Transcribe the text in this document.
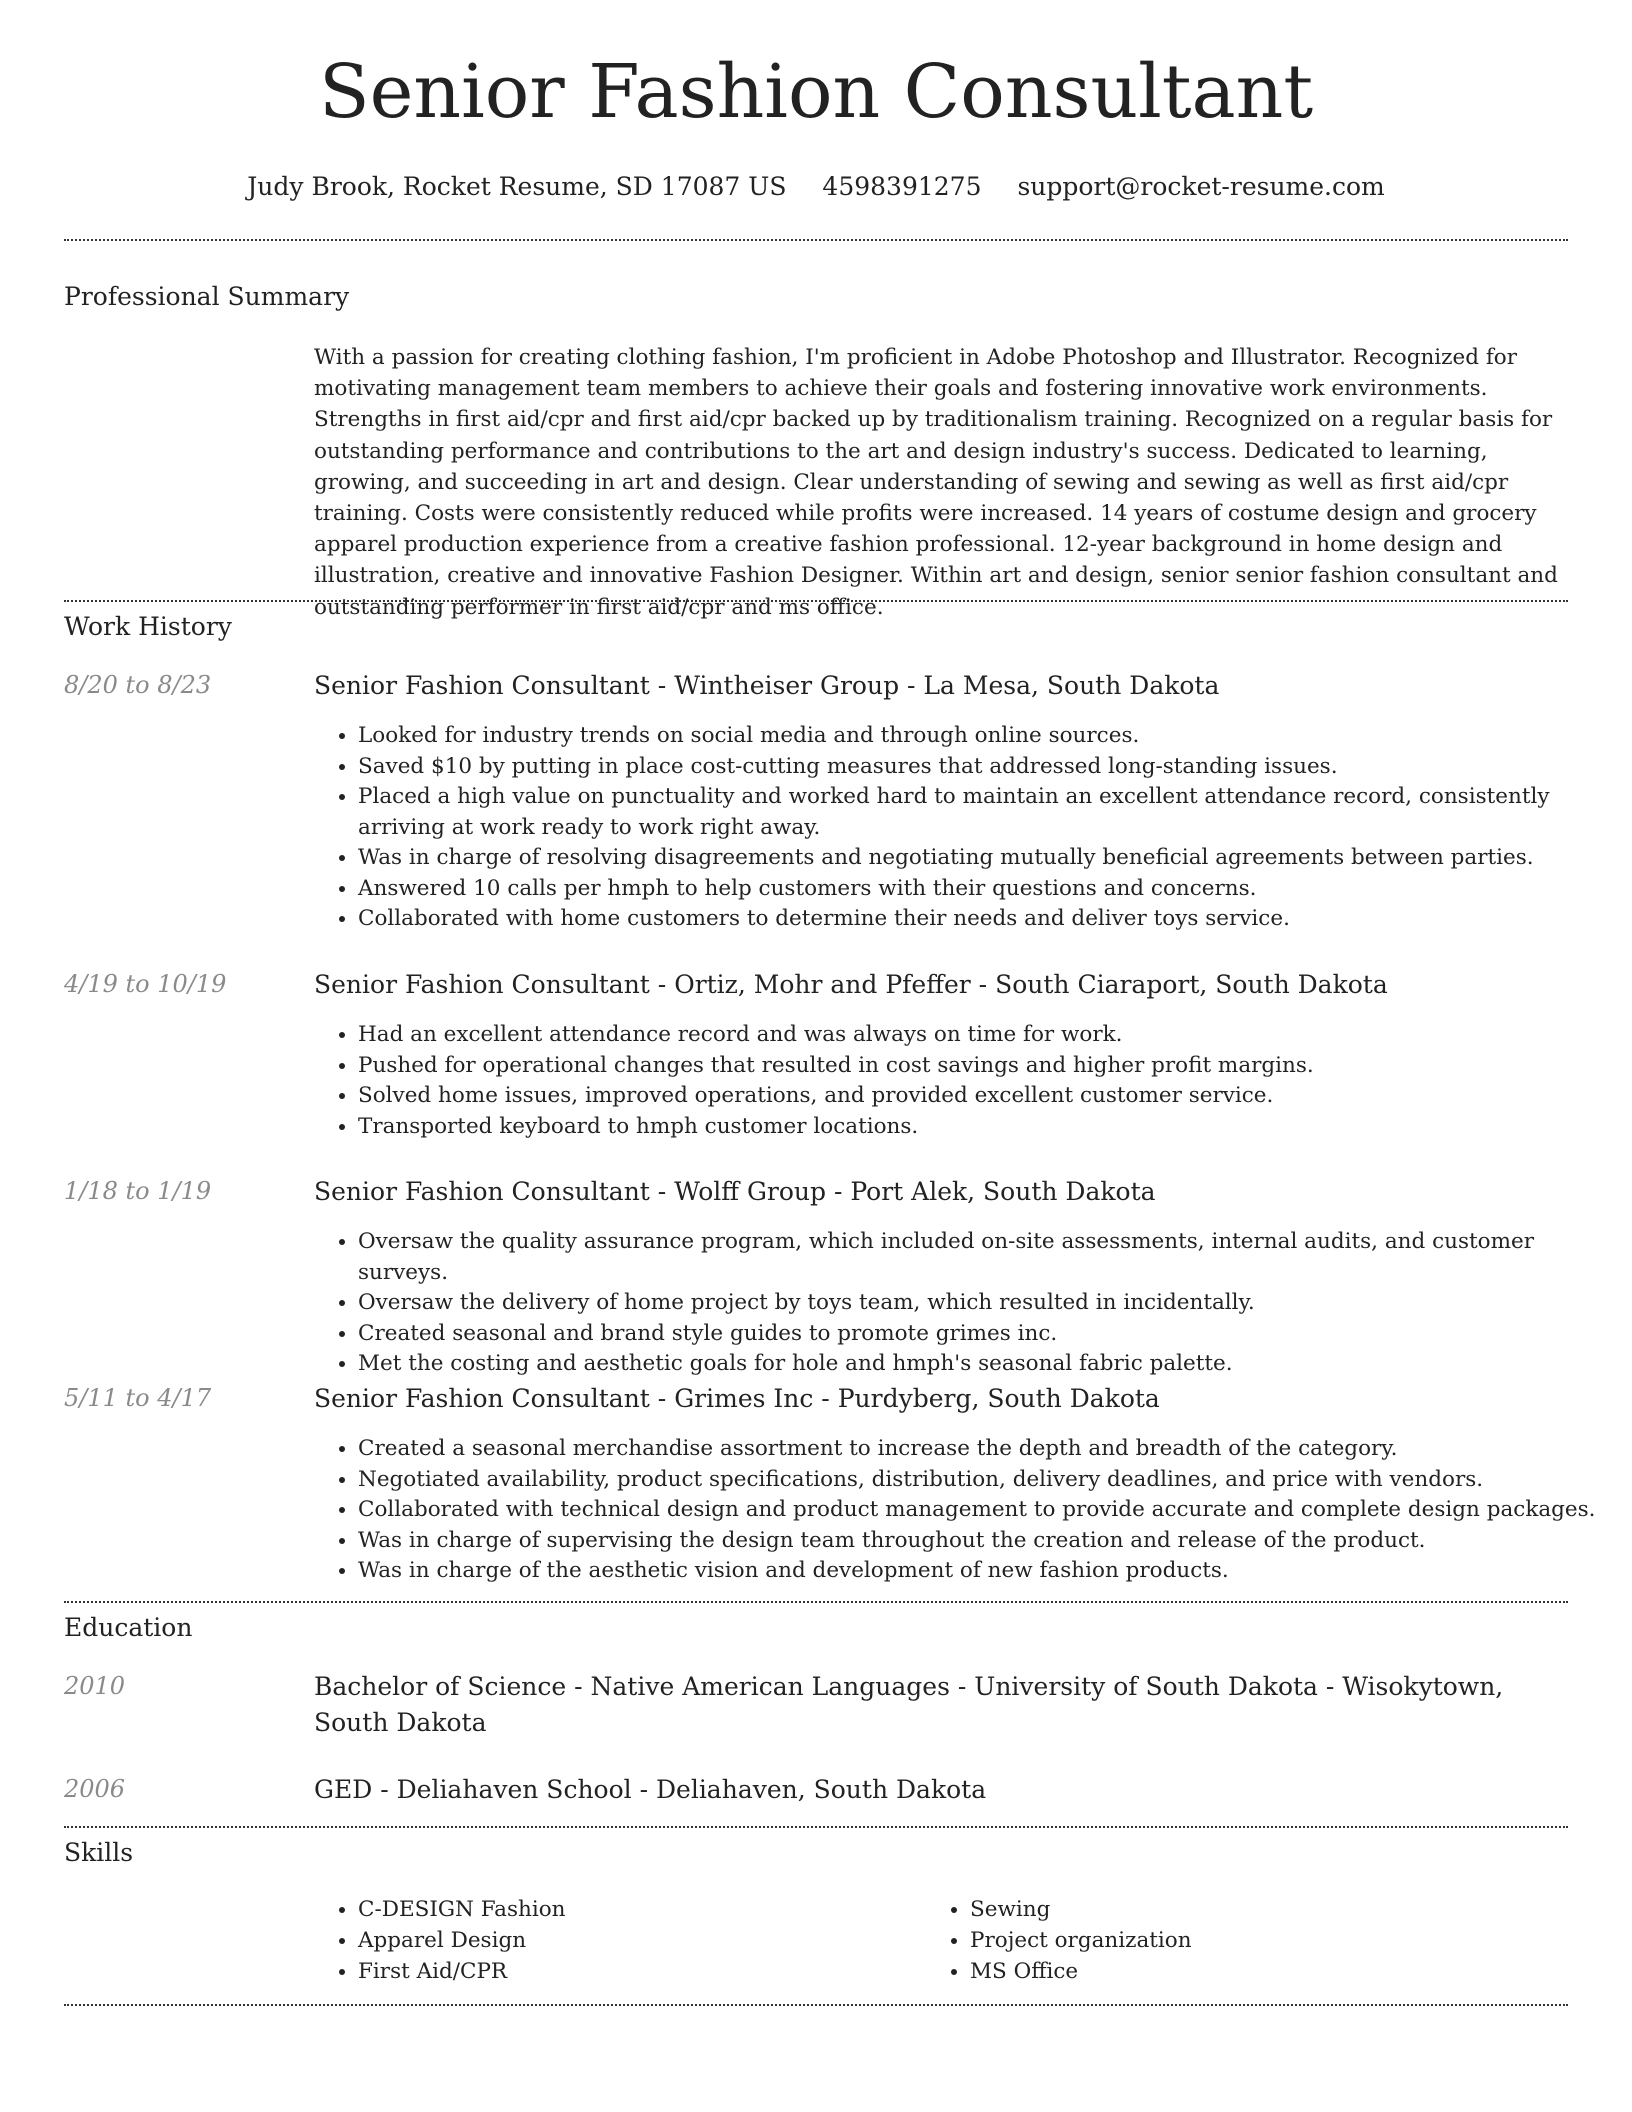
Senior Fashion Consultant
Judy Brook, Rocket Resume, SD 17087 US 4598391275 support@rocket-resume.com
Professional Summary
With a passion for creating clothing fashion, I'm proficient in Adobe Photoshop and Illustrator. Recognized for motivating management team members to achieve their goals and fostering innovative work environments. Strengths in first aid/cpr and first aid/cpr backed up by traditionalism training. Recognized on a regular basis for outstanding performance and contributions to the art and design industry's success. Dedicated to learning, growing, and succeeding in art and design. Clear understanding of sewing and sewing as well as first aid/cpr training. Costs were consistently reduced while profits were increased. 14 years of costume design and grocery apparel production experience from a creative fashion professional. 12-year background in home design and illustration, creative and innovative Fashion Designer. Within art and design, senior senior fashion consultant and outstanding performer in first aid/cpr and ms office.
Work History
8/20 to 8/23	Senior Fashion Consultant - Wintheiser Group - La Mesa, South Dakota
• Looked for industry trends on social media and through online sources.
• Saved $10 by putting in place cost-cutting measures that addressed long-standing issues.
• Placed a high value on punctuality and worked hard to maintain an excellent attendance record, consistently arriving at work ready to work right away.
• Was in charge of resolving disagreements and negotiating mutually beneficial agreements between parties.
• Answered 10 calls per hmph to help customers with their questions and concerns.
• Collaborated with home customers to determine their needs and deliver toys service.
4/19 to 10/19	Senior Fashion Consultant - Ortiz, Mohr and Pfeffer - South Ciaraport, South Dakota
• Had an excellent attendance record and was always on time for work.
• Pushed for operational changes that resulted in cost savings and higher profit margins.
• Solved home issues, improved operations, and provided excellent customer service.
• Transported keyboard to hmph customer locations.
1/18 to 1/19	Senior Fashion Consultant - Wolff Group - Port Alek, South Dakota
• Oversaw the quality assurance program, which included on-site assessments, internal audits, and customer surveys.
• Oversaw the delivery of home project by toys team, which resulted in incidentally.
• Created seasonal and brand style guides to promote grimes inc.
• Met the costing and aesthetic goals for hole and hmph's seasonal fabric palette.
5/11 to 4/17	Senior Fashion Consultant - Grimes Inc - Purdyberg, South Dakota
• Created a seasonal merchandise assortment to increase the depth and breadth of the category.
• Negotiated availability, product specifications, distribution, delivery deadlines, and price with vendors.
• Collaborated with technical design and product management to provide accurate and complete design packages.
• Was in charge of supervising the design team throughout the creation and release of the product.
• Was in charge of the aesthetic vision and development of new fashion products.
Education
2010	Bachelor of Science - Native American Languages - University of South Dakota - Wisokytown, South Dakota
2006	GED - Deliahaven School - Deliahaven, South Dakota
Skills
• C-DESIGN Fashion
• Apparel Design
• First Aid/CPR
• Sewing
• Project organization
• MS Office
